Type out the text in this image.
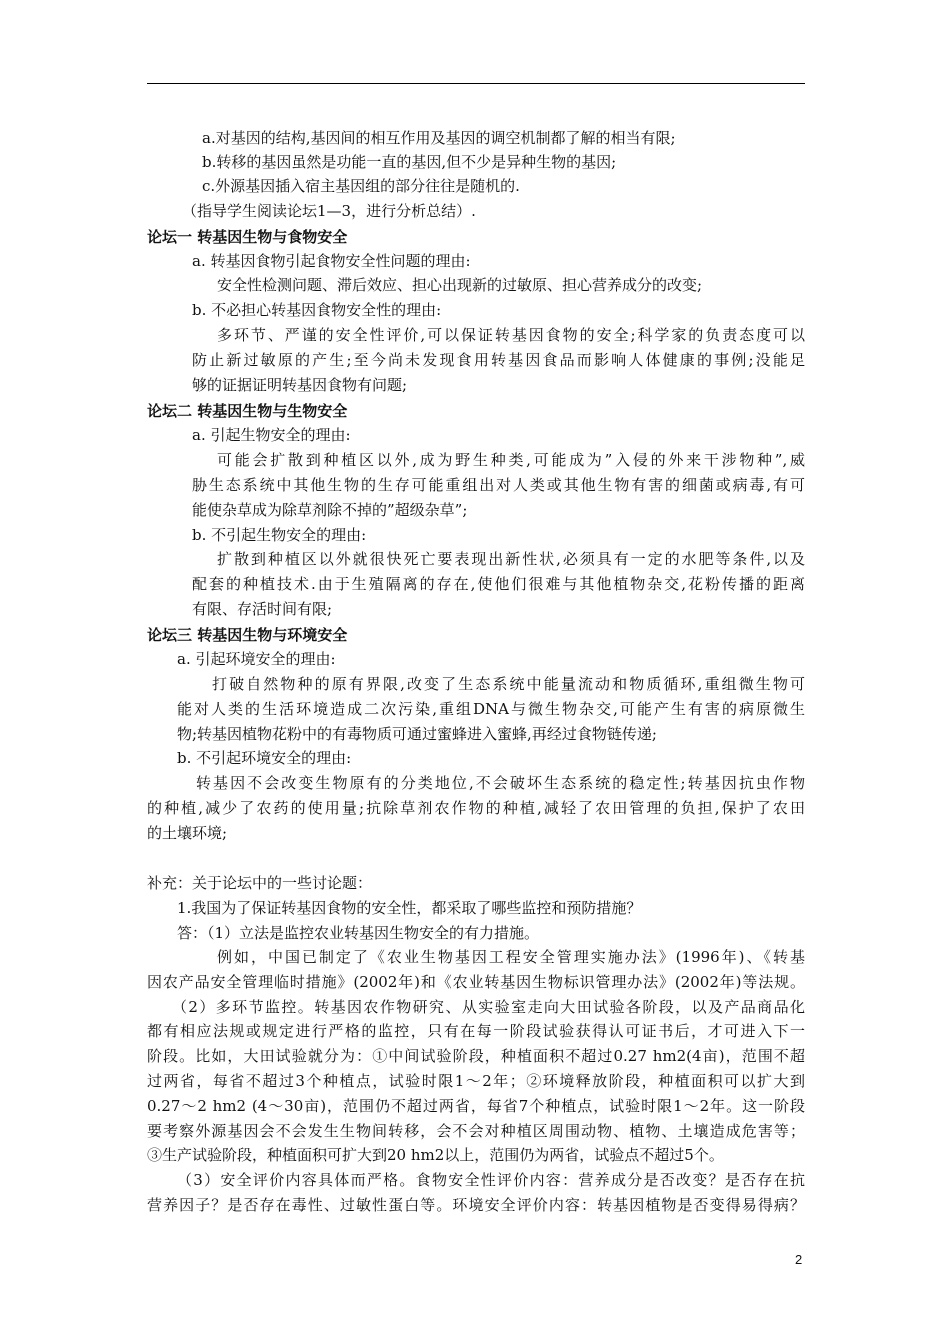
a.对基因的结构,基因间的相互作用及基因的调空机制都了解的相当有限;
b.转移的基因虽然是功能一直的基因,但不少是异种生物的基因;
c.外源基因插入宿主基因组的部分往往是随机的.
（指导学生阅读论坛1—3，进行分析总结）.
论坛一 转基因生物与食物安全
a. 转基因食物引起食物安全性问题的理由:
安全性检测问题、滞后效应、担心出现新的过敏原、担心营养成分的改变;
b. 不必担心转基因食物安全性的理由:
多环节、严谨的安全性评价,可以保证转基因食物的安全;科学家的负责态度可以
防止新过敏原的产生;至今尚未发现食用转基因食品而影响人体健康的事例;没能足
够的证据证明转基因食物有问题;
论坛二 转基因生物与生物安全
a. 引起生物安全的理由:
可能会扩散到种植区以外,成为野生种类,可能成为”入侵的外来干涉物种”,威
胁生态系统中其他生物的生存可能重组出对人类或其他生物有害的细菌或病毒,有可
能使杂草成为除草剂除不掉的”超级杂草”;
b. 不引起生物安全的理由:
扩散到种植区以外就很快死亡要表现出新性状,必须具有一定的水肥等条件,以及
配套的种植技术.由于生殖隔离的存在,使他们很难与其他植物杂交,花粉传播的距离
有限、存活时间有限;
论坛三 转基因生物与环境安全
a. 引起环境安全的理由:
打破自然物种的原有界限,改变了生态系统中能量流动和物质循环,重组微生物可
能对人类的生活环境造成二次污染,重组DNA与微生物杂交,可能产生有害的病原微生
物;转基因植物花粉中的有毒物质可通过蜜蜂进入蜜蜂,再经过食物链传递;
b. 不引起环境安全的理由:
转基因不会改变生物原有的分类地位,不会破坏生态系统的稳定性;转基因抗虫作物
的种植,减少了农药的使用量;抗除草剂农作物的种植,减轻了农田管理的负担,保护了农田
的土壤环境;
补充：关于论坛中的一些讨论题：
1.我国为了保证转基因食物的安全性，都采取了哪些监控和预防措施？
答：（1）立法是监控农业转基因生物安全的有力措施。
例如，中国已制定了《农业生物基因工程安全管理实施办法》(1996年)、《转基
因农产品安全管理临时措施》(2002年)和《农业转基因生物标识管理办法》(2002年)等法规。
（2）多环节监控。转基因农作物研究、从实验室走向大田试验各阶段，以及产品商品化
都有相应法规或规定进行严格的监控，只有在每一阶段试验获得认可证书后，才可进入下一
阶段。比如，大田试验就分为：①中间试验阶段，种植面积不超过0.27 hm2(4亩)，范围不超
过两省，每省不超过3个种植点，试验时限1～2年；②环境释放阶段，种植面积可以扩大到
0.27～2 hm2 (4～30亩)，范围仍不超过两省，每省7个种植点，试验时限1～2年。这一阶段
要考察外源基因会不会发生生物间转移，会不会对种植区周围动物、植物、土壤造成危害等；
③生产试验阶段，种植面积可扩大到20 hm2以上，范围仍为两省，试验点不超过5个。
（3）安全评价内容具体而严格。食物安全性评价内容：营养成分是否改变？是否存在抗
营养因子？是否存在毒性、过敏性蛋白等。环境安全评价内容：转基因植物是否变得易得病？
2
